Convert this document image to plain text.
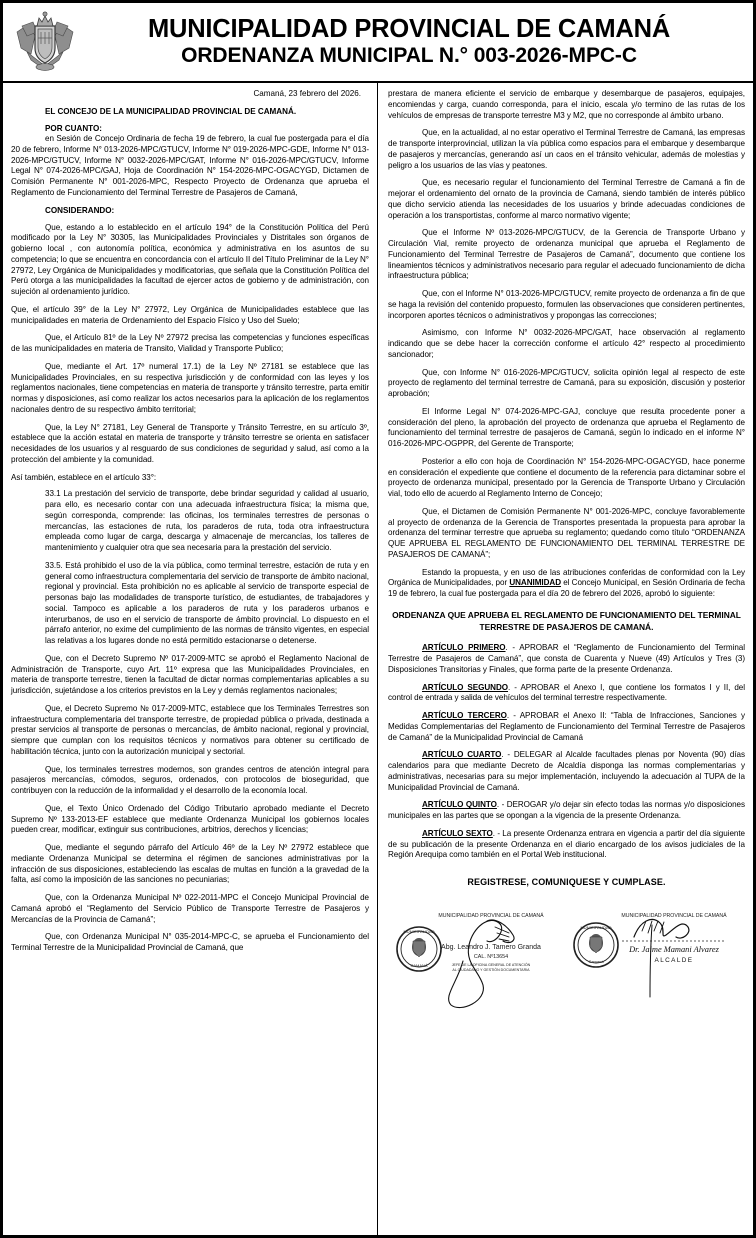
MUNICIPALIDAD PROVINCIAL DE CAMANÁ
ORDENANZA MUNICIPAL N.° 003-2026-MPC-C
Camaná, 23 febrero del 2026.
EL CONCEJO DE LA MUNICIPALIDAD PROVINCIAL DE CAMANÁ.
POR CUANTO:

en Sesión de Concejo Ordinaria de fecha 19 de febrero, la cual fue postergada para el día 20 de febrero, Informe N° 013-2026-MPC/GTUCV, Informe N° 019-2026-MPC-GDE, Informe N° 013-2026-MPC/GTUCV, Informe N° 0032-2026-MPC/GAT, Informe N° 016-2026-MPC/GTUCV, Informe Legal N° 074-2026-MPC/GAJ, Hoja de Coordinación N° 154-2026-MPC-OGACYGD, Dictamen de Comisión Permanente N° 001-2026-MPC, Respecto Proyecto de Ordenanza que aprueba el Reglamento de Funcionamiento del Terminal Terrestre de Pasajeros de Camaná,

CONSIDERANDO:

Que, estando a lo establecido en el artículo 194° de la Constitución Política del Perú modificado por la Ley N° 30305, las Municipalidades Provinciales y Distritales son órganos de gobierno local , con autonomía política, económica y administrativa en los asuntos de su competencia; lo que se encuentra en concordancia con el artículo II del Título Preliminar de la Ley N° 27972, Ley Orgánica de Municipalidades y modificatorias, que señala que la Constitución Política del Perú otorga a las municipalidades la facultad de ejercer actos de gobierno y de administración, con sujeción al ordenamiento jurídico.

Que, el artículo 39° de la Ley N° 27972, Ley Orgánica de Municipalidades establece que las municipalidades en materia de Ordenamiento del Espacio Físico y Uso del Suelo;

Que, el Artículo 81º de la Ley Nº 27972 precisa las competencias y funciones específicas de las municipalidades en materia de Transito, Vialidad y Transporte Publico;

Que, mediante el Art. 17º numeral 17.1) de la Ley Nº 27181 se establece que las Municipalidades Provinciales, en su respectiva jurisdicción y de conformidad con las leyes y los reglamentos nacionales, tiene competencias en materia de transporte y tránsito terrestre, parta emitir normas y disposiciones, así como realizar los actos necesarios para la aplicación de los reglamentos nacionales dentro de su respectivo ámbito territorial;

Que, la Ley N° 27181, Ley General de Transporte y Tránsito Terrestre, en su artículo 3º, establece que la acción estatal en materia de transporte y tránsito terrestre se orienta en satisfacer necesidades de los usuarios y al resguardo de sus condiciones de seguridad y salud, así como a la protección del ambiente y la comunidad.

Así también, establece en el artículo 33°:

33.1 La prestación del servicio de transporte, debe brindar seguridad y calidad al usuario, para ello, es necesario contar con una adecuada infraestructura física; la misma que, según corresponda, comprende: las oficinas, los terminales terrestres de personas o mercancías, las estaciones de ruta, los paraderos de ruta, toda otra infraestructura empleada como lugar de carga, descarga y almacenaje de mercancías, los talleres de mantenimiento y cualquier otra que sea necesaria para la prestación del servicio.

33.5. Está prohibido el uso de la vía pública, como terminal terrestre, estación de ruta y en general como infraestructura complementaria del servicio de transporte de ámbito nacional, regional y provincial. Esta prohibición no es aplicable al servicio de transporte especial de personas bajo las modalidades de transporte turístico, de estudiantes, de trabajadores y social. Tampoco es aplicable a los paraderos de ruta y los paraderos urbanos e interurbanos, de uso en el servicio de transporte de ámbito provincial. Lo dispuesto en el párrafo anterior, no exime del cumplimiento de las normas de tránsito vigentes, en especial las relativas a los lugares donde no está permitido estacionarse o detenerse.

Que, con el Decreto Supremo Nº 017-2009-MTC se aprobó el Reglamento Nacional de Administración de Transporte, cuyo Art. 11º expresa que las Municipalidades Provinciales, en materia de transporte terrestre, tienen la facultad de dictar normas complementarias aplicables a su jurisdicción, sujetándose a los criterios previstos en la Ley y demás reglamentos nacionales;

Que, el Decreto Supremo № 017-2009-MTC, establece que los Terminales Terrestres son infraestructura complementaria del transporte terrestre, de propiedad pública o privada, destinada a prestar servicios al transporte de personas o mercancías, de ámbito nacional, regional y provincial, siempre que cumplan con los requisitos técnicos y normativos para obtener su certificado de habilitación técnica, junto con la autorización municipal y sectorial.

Que, los terminales terrestres modernos, son grandes centros de atención integral para pasajeros mercancías, cómodos, seguros, ordenados, con protocolos de bioseguridad, que contribuyen con la reducción de la informalidad y el desarrollo de la economía local.

Que, el Texto Único Ordenado del Código Tributario aprobado mediante el Decreto Supremo Nº 133-2013-EF establece que mediante Ordenanza Municipal los gobiernos locales pueden crear, modificar, extinguir sus contribuciones, arbitrios, derechos y licencias;

Que, mediante el segundo párrafo del Artículo 46º de la Ley Nº 27972 establece que mediante Ordenanza Municipal se determina el régimen de sanciones administrativas por la infracción de sus disposiciones, estableciendo las escalas de multas en función a la gravedad de la falta, así como la imposición de las sanciones no pecuniarias;

Que, con la Ordenanza Municipal Nº 022-2011-MPC el Concejo Municipal Provincial de Camaná aprobó el “Reglamento del Servicio Público de Transporte Terrestre de Pasajeros y Mercancías de la Provincia de Camaná”;

Que, con Ordenanza Municipal N° 035-2014-MPC-C, se aprueba el Funcionamiento del Terminal Terrestre de la Municipalidad Provincial de Camaná, que

prestara de manera eficiente el servicio de embarque y desembarque de pasajeros, equipajes, encomiendas y carga, cuando corresponda, para el inicio, escala y/o termino de las rutas de los vehículos de empresas de transporte terrestre M3 y M2, que no corresponde al ámbito urbano.

Que, en la actualidad, al no estar operativo el Terminal Terrestre de Camaná, las empresas de transporte interprovincial, utilizan la vía pública como espacios para el embarque y desembarque de pasajeros y mercancías, generando así un caos en el tránsito vehicular, además de molestias y peligro a los usuarios de las vías y peatones.

Que, es necesario regular el funcionamiento del Terminal Terrestre de Camaná a fin de mejorar el ordenamiento del ornato de la provincia de Camaná, siendo también de interés público que dicho servicio atienda las necesidades de los usuarios y brinde adecuadas condiciones de operación a los transportistas, conforme al marco normativo vigente;

Que el Informe Nº 013-2026-MPC/GTUCV, de la Gerencia de Transporte Urbano y Circulación Vial, remite proyecto de ordenanza municipal que aprueba el Reglamento de Funcionamiento del Terminal Terrestre de Pasajeros de Camaná”, documento que contiene los lineamientos técnicos y administrativos necesario para regular el adecuado funcionamiento de dicha infraestructura pública;

Que, con el Informe N° 013-2026-MPC/GTUCV, remite proyecto de ordenanza a fin de que se haga la revisión del contenido propuesto, formulen las observaciones que consideren pertinentes, incorporen aportes técnicos o administrativos y propongas las correcciones;

Asimismo, con Informe N° 0032-2026-MPC/GAT, hace observación al reglamento indicando que se debe hacer la corrección conforme el artículo 42° respecto al procedimiento sancionador;

Que, con Informe N° 016-2026-MPC/GTUCV, solicita opinión legal al respecto de este proyecto de reglamento del terminal terrestre de Camaná, para su exposición, discusión y posterior aprobación;

El Informe Legal N° 074-2026-MPC-GAJ, concluye que resulta procedente poner a consideración del pleno, la aprobación del proyecto de ordenanza que aprueba el Reglamento de funcionamiento del terminal terrestre de pasajeros de Camaná, según lo indicado en el informe N° 016-2026-MPC-OGPPR, del Gerente de Transporte;

Posterior a ello con hoja de Coordinación N° 154-2026-MPC-OGACYGD, hace ponerme en consideración el expediente que contiene el documento de la referencia para dictaminar sobre el proyecto de ordenanza municipal, presentado por la Gerencia de Transporte Urbano y Circulación vial, todo ello de acuerdo al Reglamento Interno de Concejo;

Que, el Dictamen de Comisión Permanente N° 001-2026-MPC, concluye favorablemente al proyecto de ordenanza de la Gerencia de Transportes presentada la propuesta para aprobar la ordenanza del terminar terrestre que aprueba su reglamento; quedando como título “ORDENANZA QUE APRUEBA EL REGLAMENTO DE FUNCIONAMIENTO DEL TERMINAL TERRESTRE DE PASAJEROS DE CAMANÁ”;

Estando la propuesta, y en uso de las atribuciones conferidas de conformidad con la Ley Orgánica de Municipalidades, por UNANIMIDAD el Concejo Municipal, en Sesión Ordinaria de fecha 19 de febrero, la cual fue postergada para el día 20 de febrero del 2026, aprobó lo siguiente:

ORDENANZA QUE APRUEBA EL REGLAMENTO DE FUNCIONAMIENTO DEL TERMINAL TERRESTRE DE PASAJEROS DE CAMANÁ.

ARTÍCULO PRIMERO. - APROBAR el “Reglamento de Funcionamiento del Terminal Terrestre de Pasajeros de Camaná”, que consta de Cuarenta y Nueve (49) Artículos y Tres (3) Disposiciones Transitorias y Finales, que forma parte de la presente Ordenanza.

ARTÍCULO SEGUNDO. - APROBAR el Anexo I, que contiene los formatos I y II, del control de entrada y salida de vehículos del terminal terrestre respectivamente.

ARTÍCULO TERCERO. - APROBAR el Anexo II: “Tabla de Infracciones, Sanciones y Medidas Complementarias del Reglamento de Funcionamiento del Terminal Terrestre de Pasajeros de Camaná” de la Municipalidad Provincial de Camaná

ARTÍCULO CUARTO. - DELEGAR al Alcalde facultades plenas por Noventa (90) días calendarios para que mediante Decreto de Alcaldía disponga las normas complementarias y administrativas, necesarias para su mejor implementación, incluyendo la adecuación al TUPA de la Municipalidad Provincial de Camaná.

ARTÍCULO QUINTO. - DEROGAR y/o dejar sin efecto todas las normas y/o disposiciones municipales en las partes que se opongan a la vigencia de la presente Ordenanza.

ARTÍCULO SEXTO. - La presente Ordenanza entrara en vigencia a partir del día siguiente de su publicación de la presente Ordenanza en el diario encargado de los avisos judiciales de la Región Arequipa como también en el Portal Web institucional.

REGISTRESE, COMUNIQUESE Y CUMPLASE.
MUNICIPALIDAD
CAMANÁ
MUNICIPALIDAD PROVINCIAL DE CAMANÁ
Abg. Leandro J. Tamero Granda
CAL. Nº13654
JEFE DE LA OFICINA GENERAL DE ATENCIÓN
AL CIUDADANO Y GESTIÓN DOCUMENTARIA
MUNICIPALIDAD
Camaná
MUNICIPALIDAD PROVINCIAL DE CAMANÁ
Dr. Jaime Mamani Alvarez
ALCALDE
